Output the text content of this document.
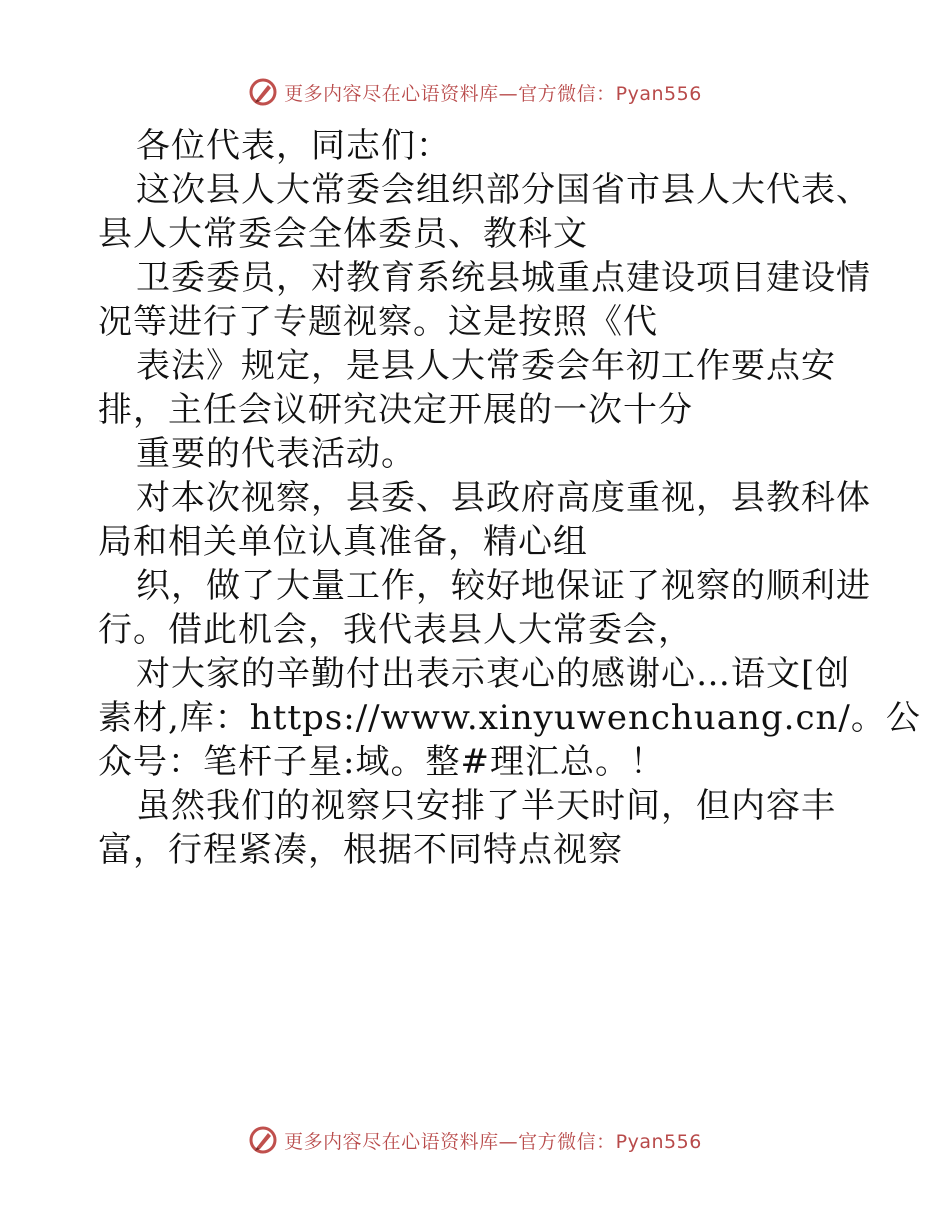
更多内容尽在心语资料库—官方微信：Pyan556
各位代表，同志们：
这次县人大常委会组织部分国省市县人大代表、
县人大常委会全体委员、教科文
卫委委员，对教育系统县城重点建设项目建设情
况等进行了专题视察。这是按照《代
表法》规定，是县人大常委会年初工作要点安
排，主任会议研究决定开展的一次十分
重要的代表活动。
对本次视察，县委、县政府高度重视，县教科体
局和相关单位认真准备，精心组
织，做了大量工作，较好地保证了视察的顺利进
行。借此机会，我代表县人大常委会，
对大家的辛勤付出表示衷心的感谢心…语文[创
素材,库：https://www.xinyuwenchuang.cn/。公
众号：笔杆子星:域。整#理汇总。！
虽然我们的视察只安排了半天时间，但内容丰
富，行程紧凑，根据不同特点视察
更多内容尽在心语资料库—官方微信：Pyan556
